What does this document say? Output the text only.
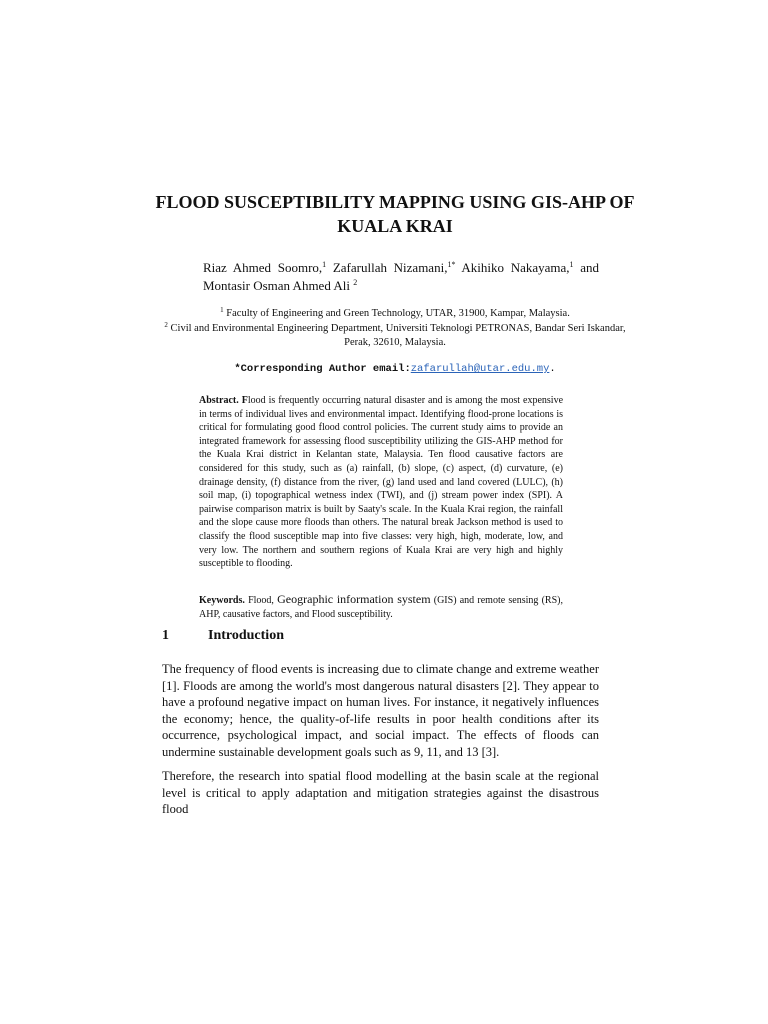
FLOOD SUSCEPTIBILITY MAPPING USING GIS-AHP OF KUALA KRAI

Riaz Ahmed Soomro,$^1$ Zafarullah Nizamani,$^{1*}$ Akihiko Nakayama,$^1$ and Montasir Osman Ahmed Ali $^2$

$^1$ Faculty of Engineering and Green Technology, UTAR, 31900, Kampar, Malaysia.
$^2$ Civil and Environmental Engineering Department, Universiti Teknologi PETRONAS, Bandar Seri Iskandar, Perak, 32610, Malaysia.

*Corresponding Author email:zafarullah@utar.edu.my.

Abstract. Flood is frequently occurring natural disaster and is among the most expensive in terms of individual lives and environmental impact. Identifying flood-prone locations is critical for formulating good flood control policies. The current study aims to provide an integrated framework for assessing flood susceptibility utilizing the GIS-AHP method for the Kuala Krai district in Kelantan state, Malaysia. Ten flood causative factors are considered for this study, such as (a) rainfall, (b) slope, (c) aspect, (d) curvature, (e) drainage density, (f) distance from the river, (g) land used and land covered (LULC), (h) soil map, (i) topographical wetness index (TWI), and (j) stream power index (SPI). A pairwise comparison matrix is built by Saaty's scale. In the Kuala Krai region, the rainfall and the slope cause more floods than others. The natural break Jackson method is used to classify the flood susceptible map into five classes: very high, high, moderate, low, and very low. The northern and southern regions of Kuala Krai are very high and highly susceptible to flooding.

Keywords. Flood, Geographic information system (GIS) and remote sensing (RS), AHP, causative factors, and Flood susceptibility.

1	Introduction

The frequency of flood events is increasing due to climate change and extreme weather [1]. Floods are among the world's most dangerous natural disasters [2]. They appear to have a profound negative impact on human lives. For instance, it negatively influences the economy; hence, the quality-of-life results in poor health conditions after its occurrence, psychological impact, and social impact. The effects of floods can undermine sustainable development goals such as 9, 11, and 13 [3].

Therefore, the research into spatial flood modelling at the basin scale at the regional level is critical to apply adaptation and mitigation strategies against the disastrous flood
